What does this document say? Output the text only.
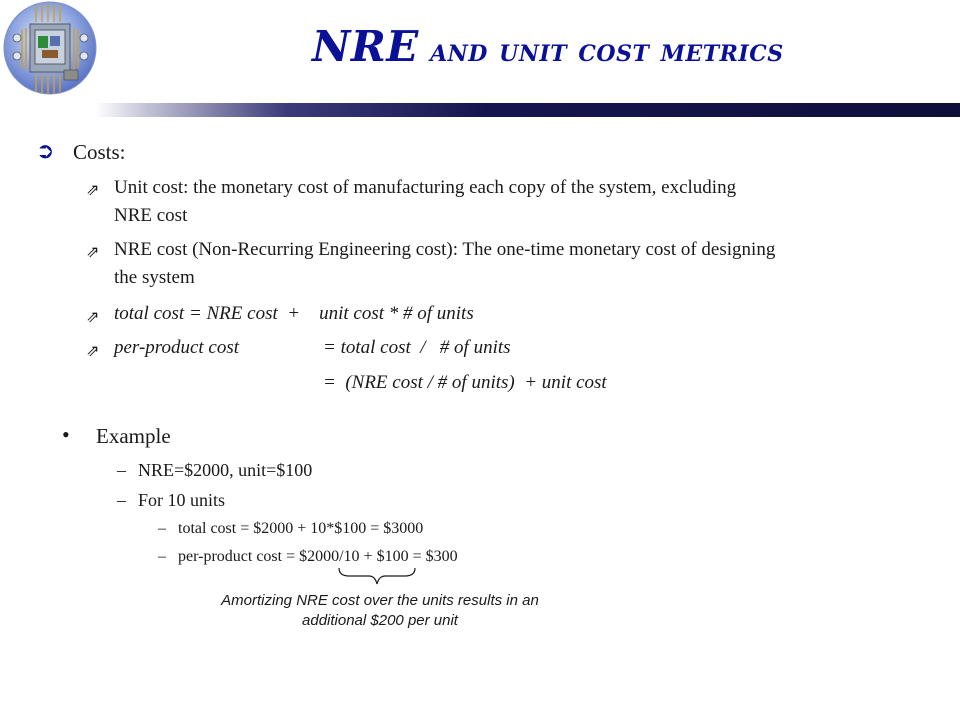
NRE and unit cost metrics
➲ Costs:
⇗ Unit cost: the monetary cost of manufacturing each copy of the system, excluding
NRE cost
⇗ NRE cost (Non-Recurring Engineering cost): The one-time monetary cost of designing
the system
⇗ total cost = NRE cost  +    unit cost * # of units
⇗ per-product cost	= total cost  /   # of units
=  (NRE cost / # of units)  + unit cost
• Example
– NRE=$2000, unit=$100
– For 10 units
– total cost = $2000 + 10*$100 = $3000
– per-product cost = $2000/10 + $100 = $300
Amortizing NRE cost over the units results in an
additional $200 per unit
